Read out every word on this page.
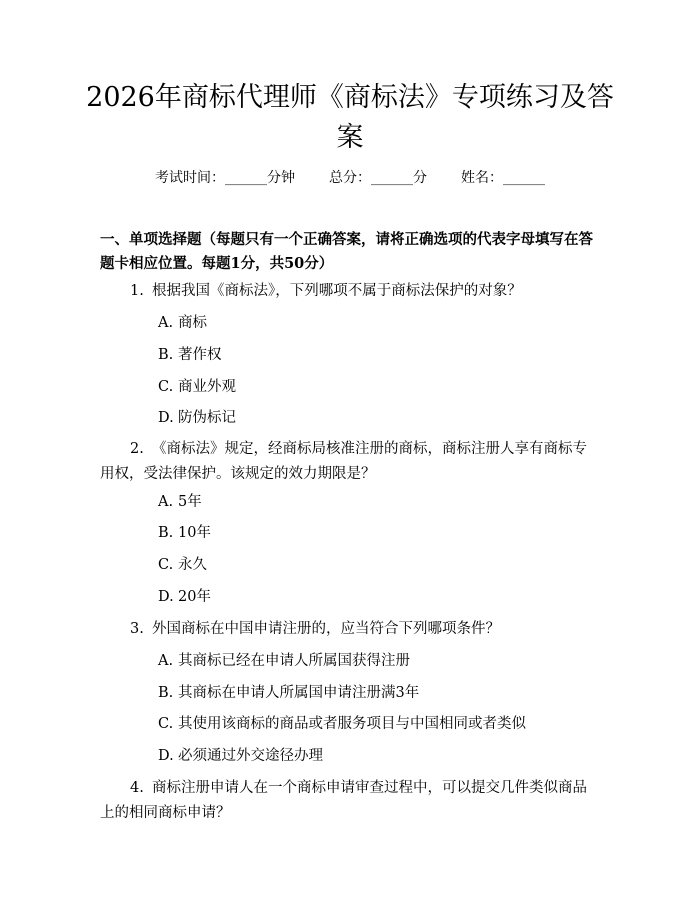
2026年商标代理师《商标法》专项练习及答案
考试时间：______分钟 总分：______分 姓名：______

一、单项选择题（每题只有一个正确答案，请将正确选项的代表字母填写在答题卡相应位置。每题1分，共50分）

1. 根据我国《商标法》，下列哪项不属于商标法保护的对象？

A. 商标

B. 著作权

C. 商业外观

D. 防伪标记

2. 《商标法》规定，经商标局核准注册的商标，商标注册人享有商标专用权，受法律保护。该规定的效力期限是？

A. 5年

B. 10年

C. 永久

D. 20年

3. 外国商标在中国申请注册的，应当符合下列哪项条件？

A. 其商标已经在申请人所属国获得注册

B. 其商标在申请人所属国申请注册满3年

C. 其使用该商标的商品或者服务项目与中国相同或者类似

D. 必须通过外交途径办理

4. 商标注册申请人在一个商标申请审查过程中，可以提交几件类似商品上的相同商标申请？
